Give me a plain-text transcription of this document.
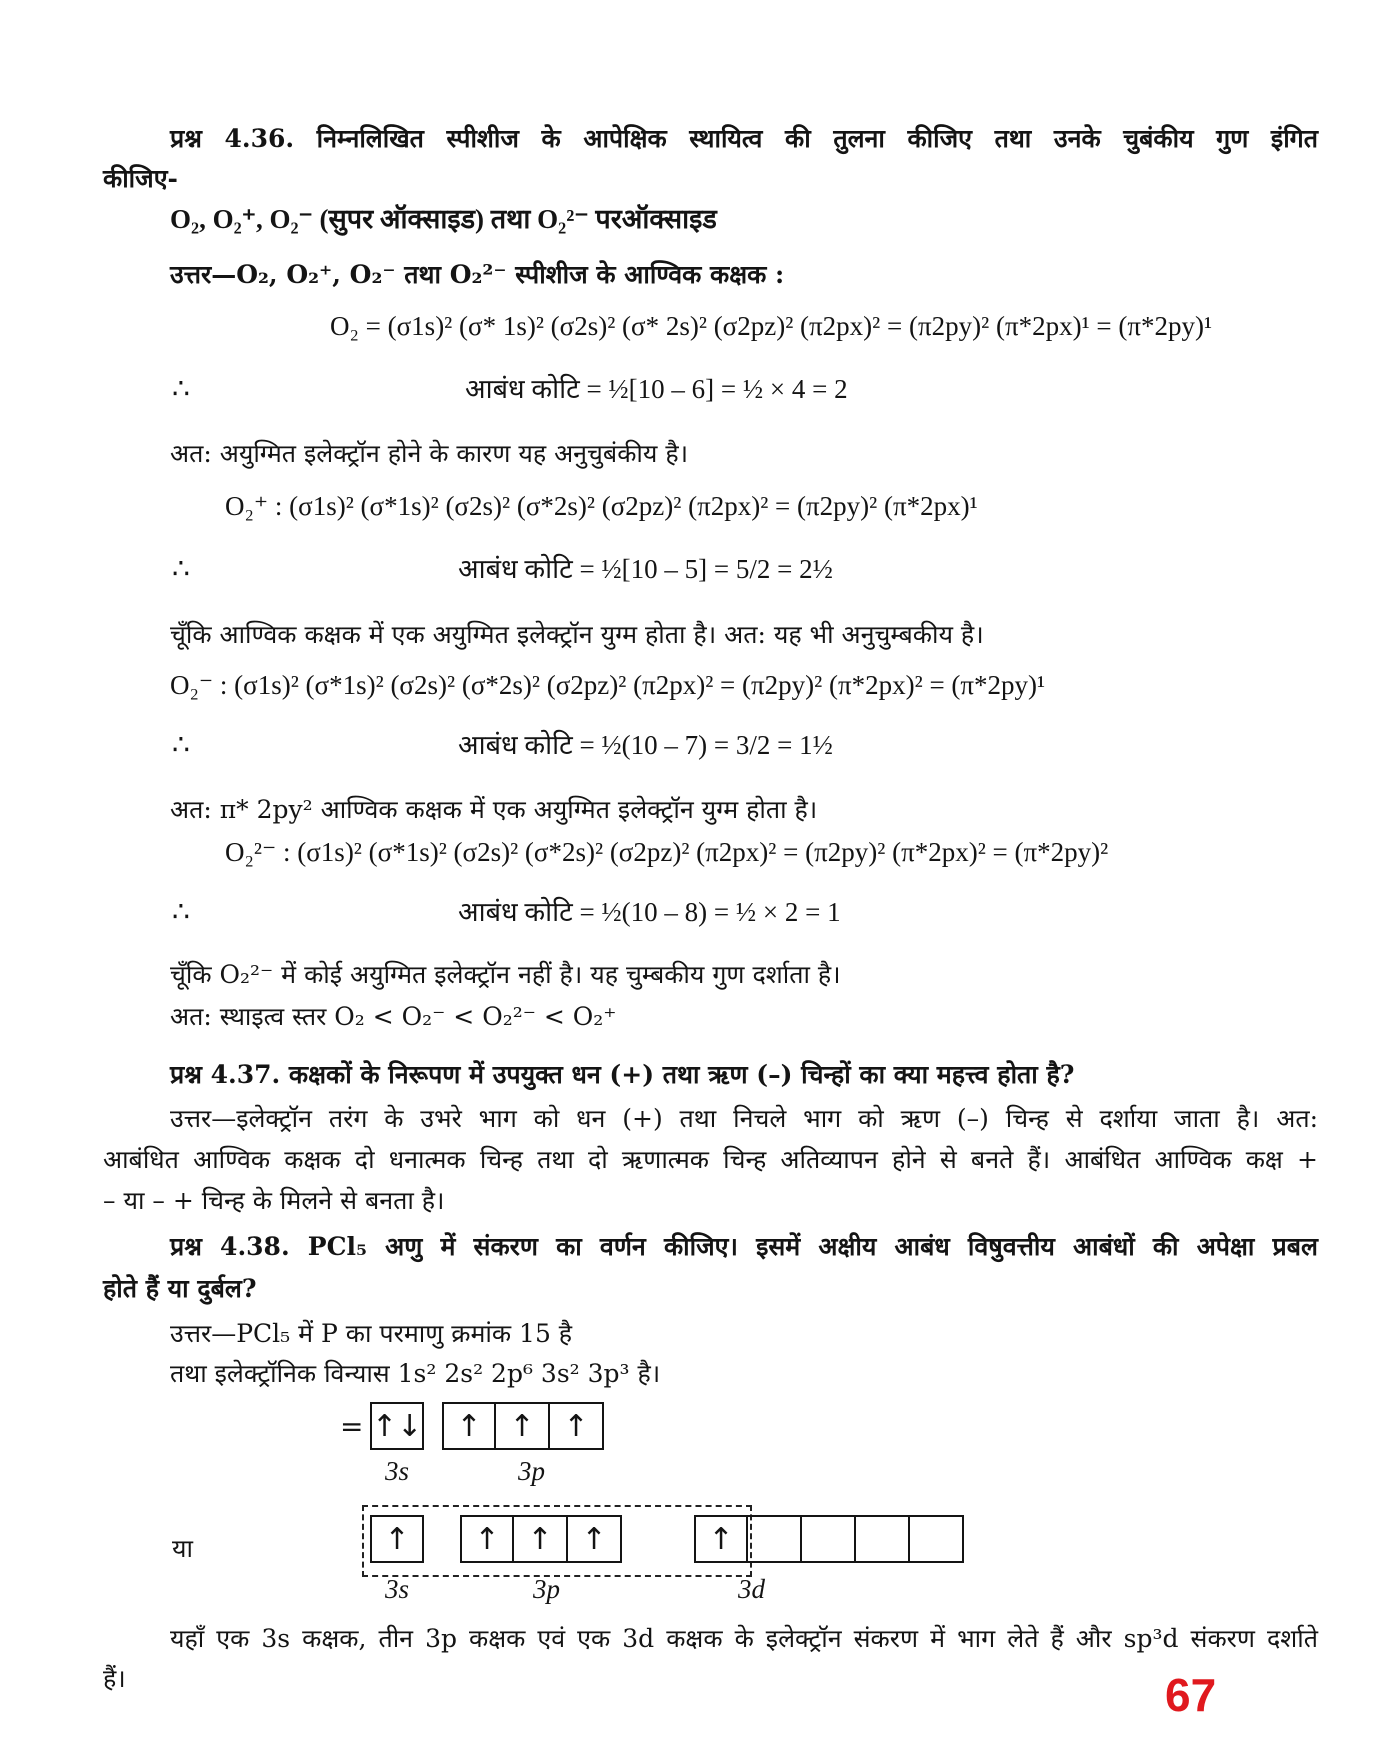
प्रश्न 4.36. निम्नलिखित स्पीशीज के आपेक्षिक स्थायित्व की तुलना कीजिए तथा उनके चुबंकीय गुण इंगित
कीजिए-
O₂, O₂⁺, O₂⁻ (सुपर ऑक्साइड) तथा O₂²⁻ परऑक्साइड
उत्तर—O₂, O₂⁺, O₂⁻ तथा O₂²⁻ स्पीशीज के आण्विक कक्षक :
O₂ = (σ1s)² (σ* 1s)² (σ2s)² (σ* 2s)² (σ2pz)² (π2px)² = (π2py)² (π*2px)¹ = (π*2py)¹
∴	आबंध कोटि = ½[10 – 6] = ½ × 4 = 2
अत: अयुग्मित इलेक्ट्रॉन होने के कारण यह अनुचुबंकीय है।
O₂⁺ : (σ1s)² (σ*1s)² (σ2s)² (σ*2s)² (σ2pz)² (π2px)² = (π2py)² (π*2px)¹
∴	आबंध कोटि = ½[10 – 5] = 5/2 = 2½
चूँकि आण्विक कक्षक में एक अयुग्मित इलेक्ट्रॉन युग्म होता है। अत: यह भी अनुचुम्बकीय है।
O₂⁻ : (σ1s)² (σ*1s)² (σ2s)² (σ*2s)² (σ2pz)² (π2px)² = (π2py)² (π*2px)² = (π*2py)¹
∴	आबंध कोटि = ½(10 – 7) = 3/2 = 1½
अत: π* 2py² आण्विक कक्षक में एक अयुग्मित इलेक्ट्रॉन युग्म होता है।
O₂²⁻ : (σ1s)² (σ*1s)² (σ2s)² (σ*2s)² (σ2pz)² (π2px)² = (π2py)² (π*2px)² = (π*2py)²
∴	आबंध कोटि = ½(10 – 8) = ½ × 2 = 1
चूँकि O₂²⁻ में कोई अयुग्मित इलेक्ट्रॉन नहीं है। यह चुम्बकीय गुण दर्शाता है।
अत: स्थाइत्व स्तर O₂ < O₂⁻ < O₂²⁻ < O₂⁺
प्रश्न 4.37. कक्षकों के निरूपण में उपयुक्त धन (+) तथा ऋण (–) चिन्हों का क्या महत्त्व होता है?
उत्तर—इलेक्ट्रॉन तरंग के उभरे भाग को धन (+) तथा निचले भाग को ऋण (–) चिन्ह से दर्शाया जाता है। अत:
आबंधित आण्विक कक्षक दो धनात्मक चिन्ह तथा दो ऋणात्मक चिन्ह अतिव्यापन होने से बनते हैं। आबंधित आण्विक कक्ष +
– या – + चिन्ह के मिलने से बनता है।
प्रश्न 4.38. PCl₅ अणु में संकरण का वर्णन कीजिए। इसमें अक्षीय आबंध विषुवत्तीय आबंधों की अपेक्षा प्रबल
होते हैं या दुर्बल?
उत्तर—PCl₅ में P का परमाणु क्रमांक 15 है
तथा इलेक्ट्रॉनिक विन्यास 1s² 2s² 2p⁶ 3s² 3p³ है।
= ↑↓	↑ ↑ ↑
3s	3p
या	↑	↑ ↑ ↑	↑
3s	3p	3d
यहाँ एक 3s कक्षक, तीन 3p कक्षक एवं एक 3d कक्षक के इलेक्ट्रॉन संकरण में भाग लेते हैं और sp³d संकरण दर्शाते
हैं।	67
